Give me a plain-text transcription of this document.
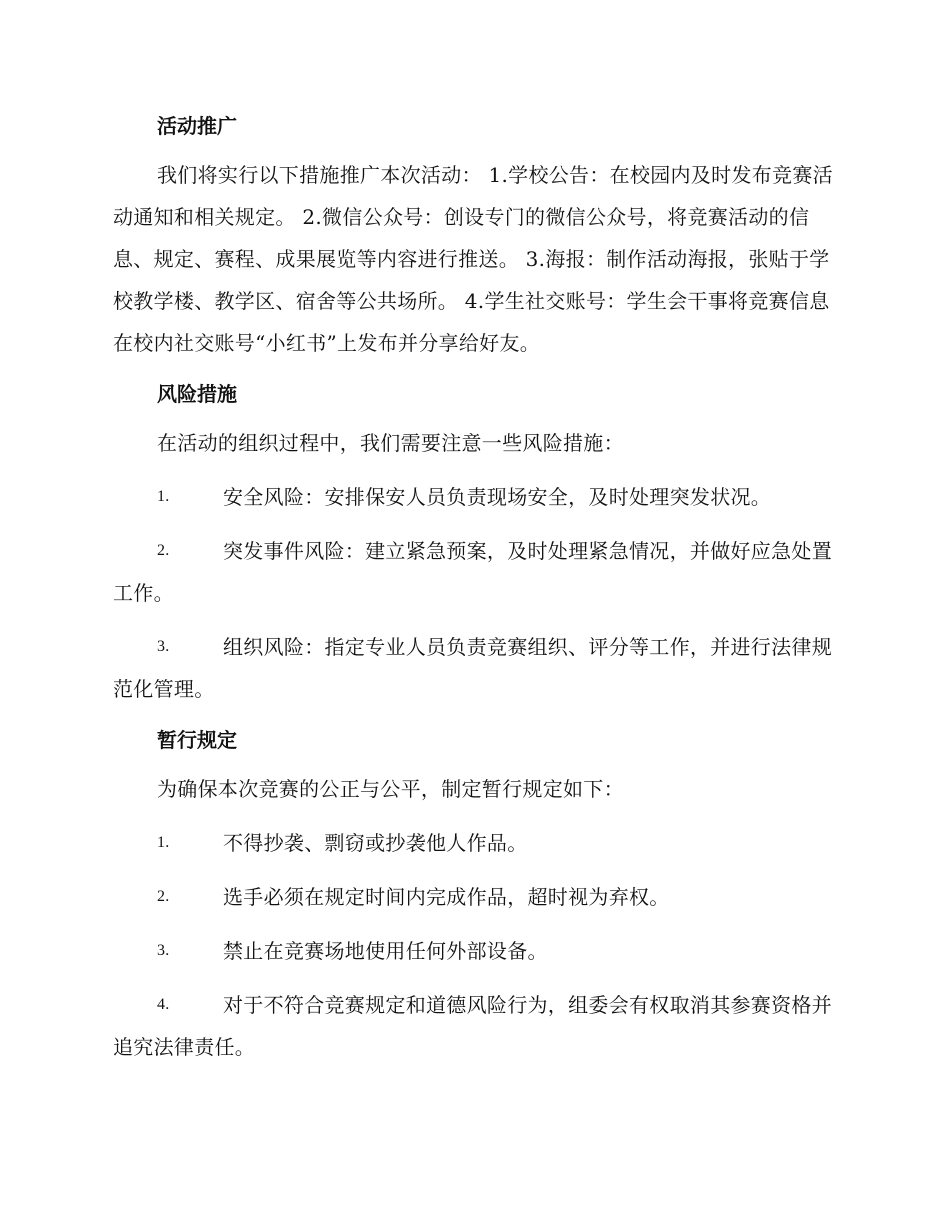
活动推广

我们将实行以下措施推广本次活动： 1.学校公告：在校园内及时发布竞赛活动通知和相关规定。 2.微信公众号：创设专门的微信公众号，将竞赛活动的信息、规定、赛程、成果展览等内容进行推送。 3.海报：制作活动海报，张贴于学校教学楼、教学区、宿舍等公共场所。 4.学生社交账号：学生会干事将竞赛信息在校内社交账号“小红书”上发布并分享给好友。

风险措施

在活动的组织过程中，我们需要注意一些风险措施：

1.	安全风险：安排保安人员负责现场安全，及时处理突发状况。
2.	突发事件风险：建立紧急预案，及时处理紧急情况，并做好应急处置工作。
3.	组织风险：指定专业人员负责竞赛组织、评分等工作，并进行法律规范化管理。
暂行规定

为确保本次竞赛的公正与公平，制定暂行规定如下：

1.	不得抄袭、剽窃或抄袭他人作品。
2.	选手必须在规定时间内完成作品，超时视为弃权。
3.	禁止在竞赛场地使用任何外部设备。
4.	对于不符合竞赛规定和道德风险行为，组委会有权取消其参赛资格并追究法律责任。
